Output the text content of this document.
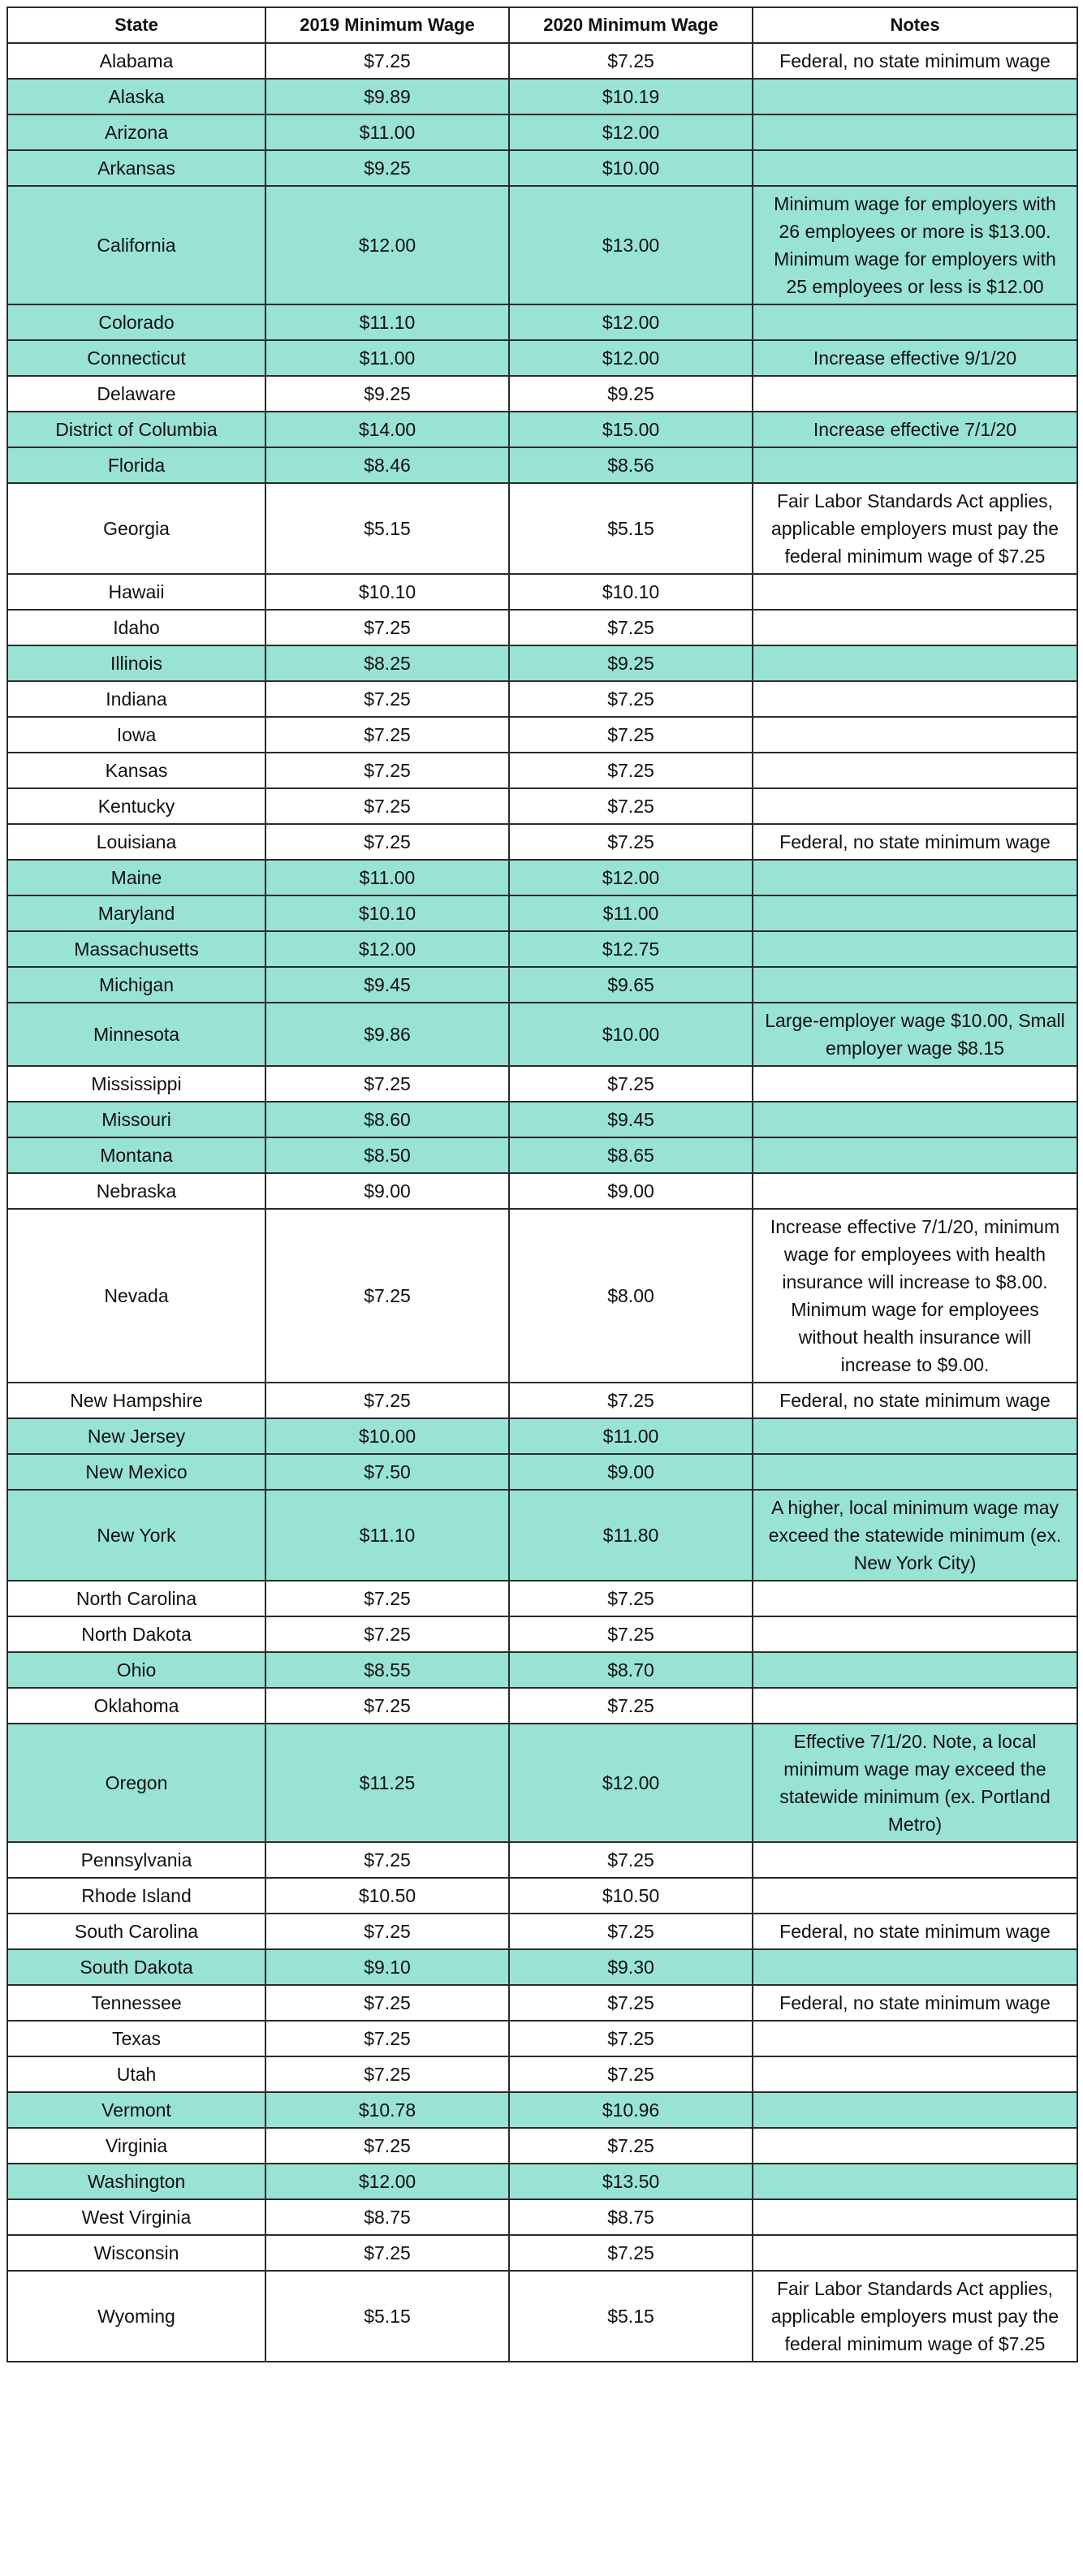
State	2019 Minimum Wage	2020 Minimum Wage	Notes
Alabama	$7.25	$7.25	Federal, no state minimum wage
Alaska	$9.89	$10.19	
Arizona	$11.00	$12.00	
Arkansas	$9.25	$10.00	
California	$12.00	$13.00	Minimum wage for employers with 26 employees or more is $13.00. Minimum wage for employers with 25 employees or less is $12.00
Colorado	$11.10	$12.00	
Connecticut	$11.00	$12.00	Increase effective 9/1/20
Delaware	$9.25	$9.25	
District of Columbia	$14.00	$15.00	Increase effective 7/1/20
Florida	$8.46	$8.56	
Georgia	$5.15	$5.15	Fair Labor Standards Act applies, applicable employers must pay the federal minimum wage of $7.25
Hawaii	$10.10	$10.10	
Idaho	$7.25	$7.25	
Illinois	$8.25	$9.25	
Indiana	$7.25	$7.25	
Iowa	$7.25	$7.25	
Kansas	$7.25	$7.25	
Kentucky	$7.25	$7.25	
Louisiana	$7.25	$7.25	Federal, no state minimum wage
Maine	$11.00	$12.00	
Maryland	$10.10	$11.00	
Massachusetts	$12.00	$12.75	
Michigan	$9.45	$9.65	
Minnesota	$9.86	$10.00	Large-employer wage $10.00, Small employer wage $8.15
Mississippi	$7.25	$7.25	
Missouri	$8.60	$9.45	
Montana	$8.50	$8.65	
Nebraska	$9.00	$9.00	
Nevada	$7.25	$8.00	Increase effective 7/1/20, minimum wage for employees with health insurance will increase to $8.00. Minimum wage for employees without health insurance will increase to $9.00.
New Hampshire	$7.25	$7.25	Federal, no state minimum wage
New Jersey	$10.00	$11.00	
New Mexico	$7.50	$9.00	
New York	$11.10	$11.80	A higher, local minimum wage may exceed the statewide minimum (ex. New York City)
North Carolina	$7.25	$7.25	
North Dakota	$7.25	$7.25	
Ohio	$8.55	$8.70	
Oklahoma	$7.25	$7.25	
Oregon	$11.25	$12.00	Effective 7/1/20. Note, a local minimum wage may exceed the statewide minimum (ex. Portland Metro)
Pennsylvania	$7.25	$7.25	
Rhode Island	$10.50	$10.50	
South Carolina	$7.25	$7.25	Federal, no state minimum wage
South Dakota	$9.10	$9.30	
Tennessee	$7.25	$7.25	Federal, no state minimum wage
Texas	$7.25	$7.25	
Utah	$7.25	$7.25	
Vermont	$10.78	$10.96	
Virginia	$7.25	$7.25	
Washington	$12.00	$13.50	
West Virginia	$8.75	$8.75	
Wisconsin	$7.25	$7.25	
Wyoming	$5.15	$5.15	Fair Labor Standards Act applies, applicable employers must pay the federal minimum wage of $7.25
